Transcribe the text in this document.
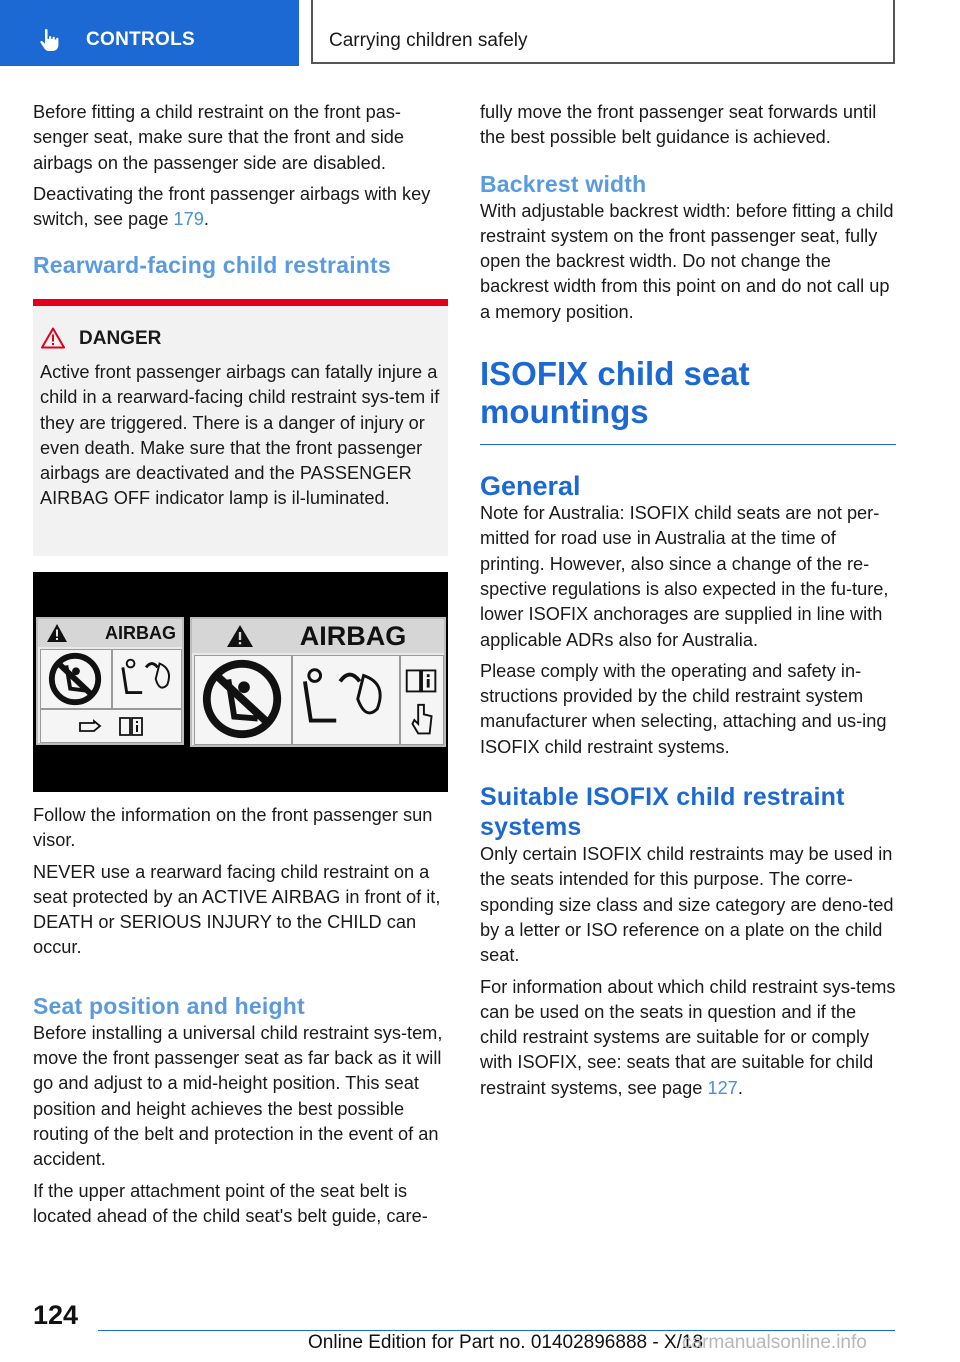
CONTROLS	Carrying children safely

Before fitting a child restraint on the front pas-senger seat, make sure that the front and side airbags on the passenger side are disabled.

Deactivating the front passenger airbags with key switch, see page 179.

Rearward-facing child restraints
DANGER
Active front passenger airbags can fatally injure a child in a rearward-facing child restraint sys-tem if they are triggered. There is a danger of injury or even death. Make sure that the front passenger airbags are deactivated and the PASSENGER AIRBAG OFF indicator lamp is il-luminated.
AIRBAG	AIRBAG

Follow the information on the front passenger sun visor.

NEVER use a rearward facing child restraint on a seat protected by an ACTIVE AIRBAG in front of it, DEATH or SERIOUS INJURY to the CHILD can occur.

Seat position and height

Before installing a universal child restraint sys-tem, move the front passenger seat as far back as it will go and adjust to a mid-height position. This seat position and height achieves the best possible routing of the belt and protection in the event of an accident.

If the upper attachment point of the seat belt is located ahead of the child seat's belt guide, care-

fully move the front passenger seat forwards until the best possible belt guidance is achieved.

Backrest width

With adjustable backrest width: before fitting a child restraint system on the front passenger seat, fully open the backrest width. Do not change the backrest width from this point on and do not call up a memory position.

ISOFIX child seat
mountings
General

Note for Australia: ISOFIX child seats are not per-mitted for road use in Australia at the time of printing. However, also since a change of the re-spective regulations is also expected in the fu-ture, lower ISOFIX anchorages are supplied in line with applicable ADRs also for Australia.

Please comply with the operating and safety in-structions provided by the child restraint system manufacturer when selecting, attaching and us-ing ISOFIX child restraint systems.

Suitable ISOFIX child restraint systems

Only certain ISOFIX child restraints may be used in the seats intended for this purpose. The corre-sponding size class and size category are deno-ted by a letter or ISO reference on a plate on the child seat.

For information about which child restraint sys-tems can be used on the seats in question and if the child restraint systems are suitable for or comply with ISOFIX, see: seats that are suitable for child restraint systems, see page 127.

124
Online Edition for Part no. 01402896888 - X/18
carmanualsonline.info
